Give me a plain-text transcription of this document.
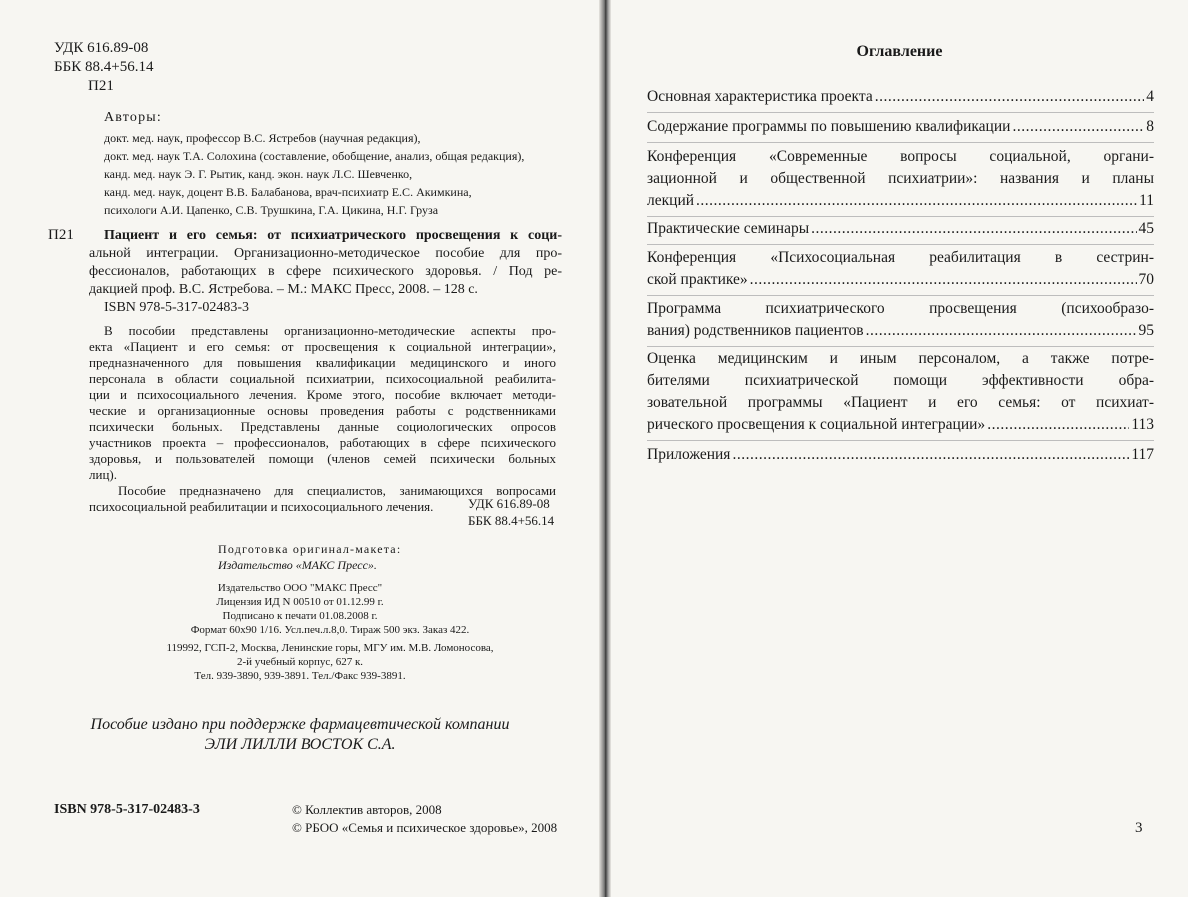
УДК 616.89-08
ББК 88.4+56.14
П21
Авторы:
докт. мед. наук, профессор В.С. Ястребов (научная редакция),
докт. мед. наук Т.А. Солохина (составление, обобщение, анализ, общая редакция),
канд. мед. наук Э. Г. Рытик, канд. экон. наук Л.С. Шевченко,
канд. мед. наук, доцент В.В. Балабанова, врач-психиатр Е.С. Акимкина,
психологи А.И. Цапенко, С.В. Трушкина, Г.А. Цикина, Н.Г. Груза
П21 Пациент и его семья: от психиатрического просвещения к соци-
альной интеграции. Организационно-методическое пособие для про-
фессионалов, работающих в сфере психического здоровья. / Под ре-
дакцией проф. В.С. Ястребова. – М.: МАКС Пресс, 2008. – 128 с.
ISBN 978-5-317-02483-3
В пособии представлены организационно-методические аспекты про-
екта «Пациент и его семья: от просвещения к социальной интеграции»,
предназначенного для повышения квалификации медицинского и иного
персонала в области социальной психиатрии, психосоциальной реабилита-
ции и психосоциального лечения. Кроме этого, пособие включает методи-
ческие и организационные основы проведения работы с родственниками
психически больных. Представлены данные социологических опросов
участников проекта – профессионалов, работающих в сфере психического
здоровья, и пользователей помощи (членов семей психически больных
лиц).
Пособие предназначено для специалистов, занимающихся вопросами
психосоциальной реабилитации и психосоциального лечения.	УДК 616.89-08
ББК 88.4+56.14
Подготовка оригинал-макета:
Издательство «МАКС Пресс».
Издательство ООО "МАКС Пресс"
Лицензия ИД N 00510 от 01.12.99 г.
Подписано к печати 01.08.2008 г.
Формат 60х90 1/16. Усл.печ.л.8,0. Тираж 500 экз. Заказ 422.
119992, ГСП-2, Москва, Ленинские горы, МГУ им. М.В. Ломоносова,
2-й учебный корпус, 627 к.
Тел. 939-3890, 939-3891. Тел./Факс 939-3891.
Пособие издано при поддержке фармацевтической компании
ЭЛИ ЛИЛЛИ ВОСТОК С.А.
ISBN 978-5-317-02483-3	© Коллектив авторов, 2008
© РБОО «Семья и психическое здоровье», 2008
Оглавление
Основная характеристика проекта .....	4
Содержание программы по повышению квалификации .....	8
Конференция «Современные вопросы социальной, органи-
зационной и общественной психиатрии»: названия и планы
лекций .....	11
Практические семинары .....	45
Конференция «Психосоциальная реабилитация в сестрин-
ской практике» .....	70
Программа психиатрического просвещения (психообразо-
вания) родственников пациентов .....	95
Оценка медицинским и иным персоналом, а также потре-
бителями психиатрической помощи эффективности обра-
зовательной программы «Пациент и его семья: от психиат-
рического просвещения к социальной интеграции» .....	113
Приложения .....	117
3
